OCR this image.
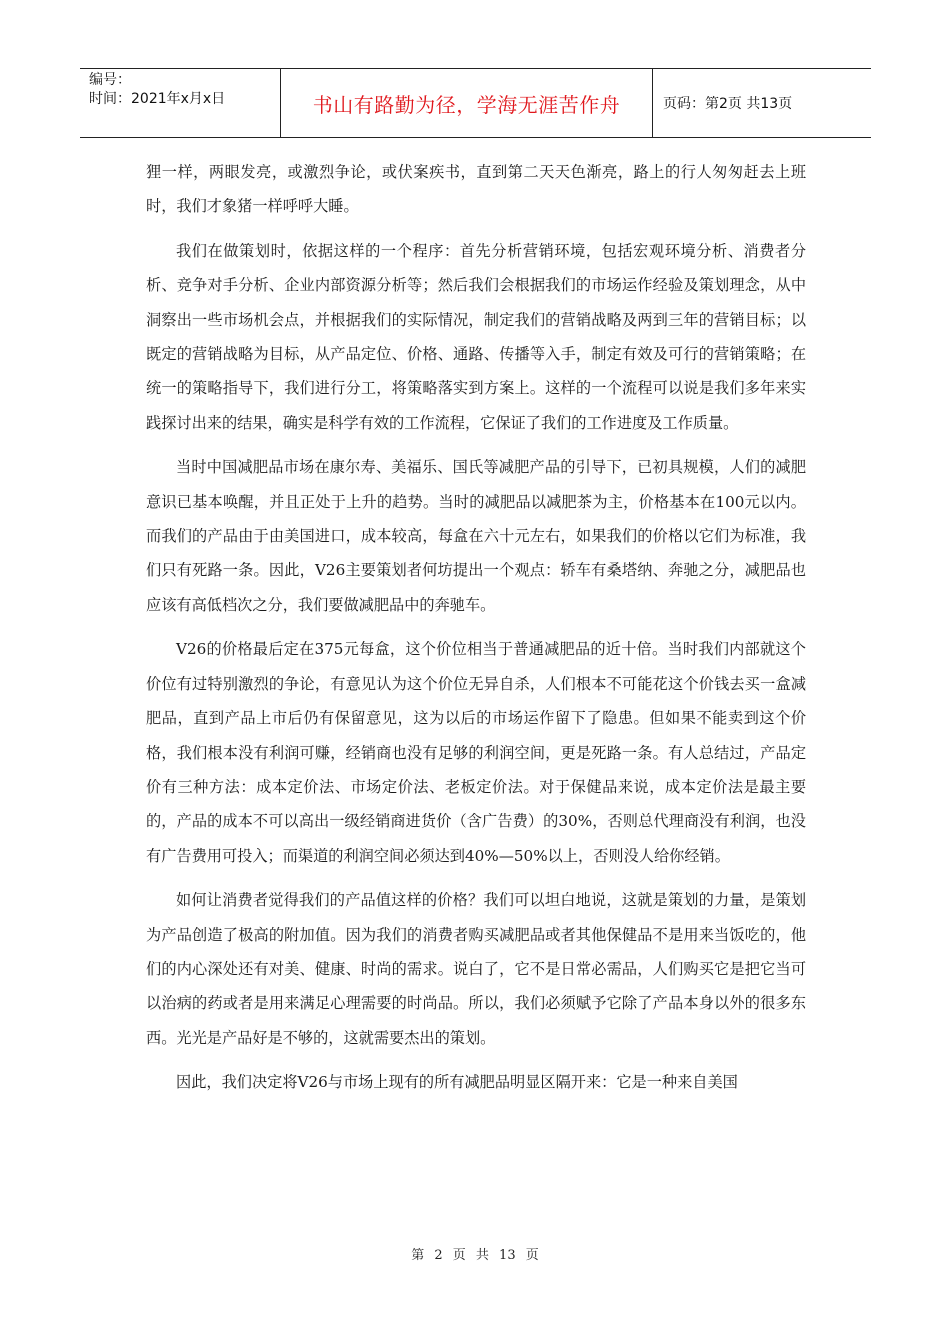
编号：
时间：2021年x月x日	书山有路勤为径，学海无涯苦作舟	页码：第2页 共13页

狸一样，两眼发亮，或激烈争论，或伏案疾书，直到第二天天色渐亮，路上的行人匆匆赶去上班时，我们才象猪一样呼呼大睡。

我们在做策划时，依据这样的一个程序：首先分析营销环境，包括宏观环境分析、消费者分析、竞争对手分析、企业内部资源分析等；然后我们会根据我们的市场运作经验及策划理念，从中洞察出一些市场机会点，并根据我们的实际情况，制定我们的营销战略及两到三年的营销目标；以既定的营销战略为目标，从产品定位、价格、通路、传播等入手，制定有效及可行的营销策略；在统一的策略指导下，我们进行分工，将策略落实到方案上。这样的一个流程可以说是我们多年来实践探讨出来的结果，确实是科学有效的工作流程，它保证了我们的工作进度及工作质量。

当时中国减肥品市场在康尔寿、美福乐、国氏等减肥产品的引导下，已初具规模，人们的减肥意识已基本唤醒，并且正处于上升的趋势。当时的减肥品以减肥茶为主，价格基本在100元以内。而我们的产品由于由美国进口，成本较高，每盒在六十元左右，如果我们的价格以它们为标准，我们只有死路一条。因此，V26主要策划者何坊提出一个观点：轿车有桑塔纳、奔驰之分，减肥品也应该有高低档次之分，我们要做减肥品中的奔驰车。

V26的价格最后定在375元每盒，这个价位相当于普通减肥品的近十倍。当时我们内部就这个价位有过特别激烈的争论，有意见认为这个价位无异自杀，人们根本不可能花这个价钱去买一盒减肥品，直到产品上市后仍有保留意见，这为以后的市场运作留下了隐患。但如果不能卖到这个价格，我们根本没有利润可赚，经销商也没有足够的利润空间，更是死路一条。有人总结过，产品定价有三种方法：成本定价法、市场定价法、老板定价法。对于保健品来说，成本定价法是最主要的，产品的成本不可以高出一级经销商进货价（含广告费）的30%，否则总代理商没有利润，也没有广告费用可投入；而渠道的利润空间必须达到40%—50%以上，否则没人给你经销。

如何让消费者觉得我们的产品值这样的价格？我们可以坦白地说，这就是策划的力量，是策划为产品创造了极高的附加值。因为我们的消费者购买减肥品或者其他保健品不是用来当饭吃的，他们的内心深处还有对美、健康、时尚的需求。说白了，它不是日常必需品，人们购买它是把它当可以治病的药或者是用来满足心理需要的时尚品。所以，我们必须赋予它除了产品本身以外的很多东西。光光是产品好是不够的，这就需要杰出的策划。

因此，我们决定将V26与市场上现有的所有减肥品明显区隔开来：它是一种来自美国

第 2 页 共 13 页
